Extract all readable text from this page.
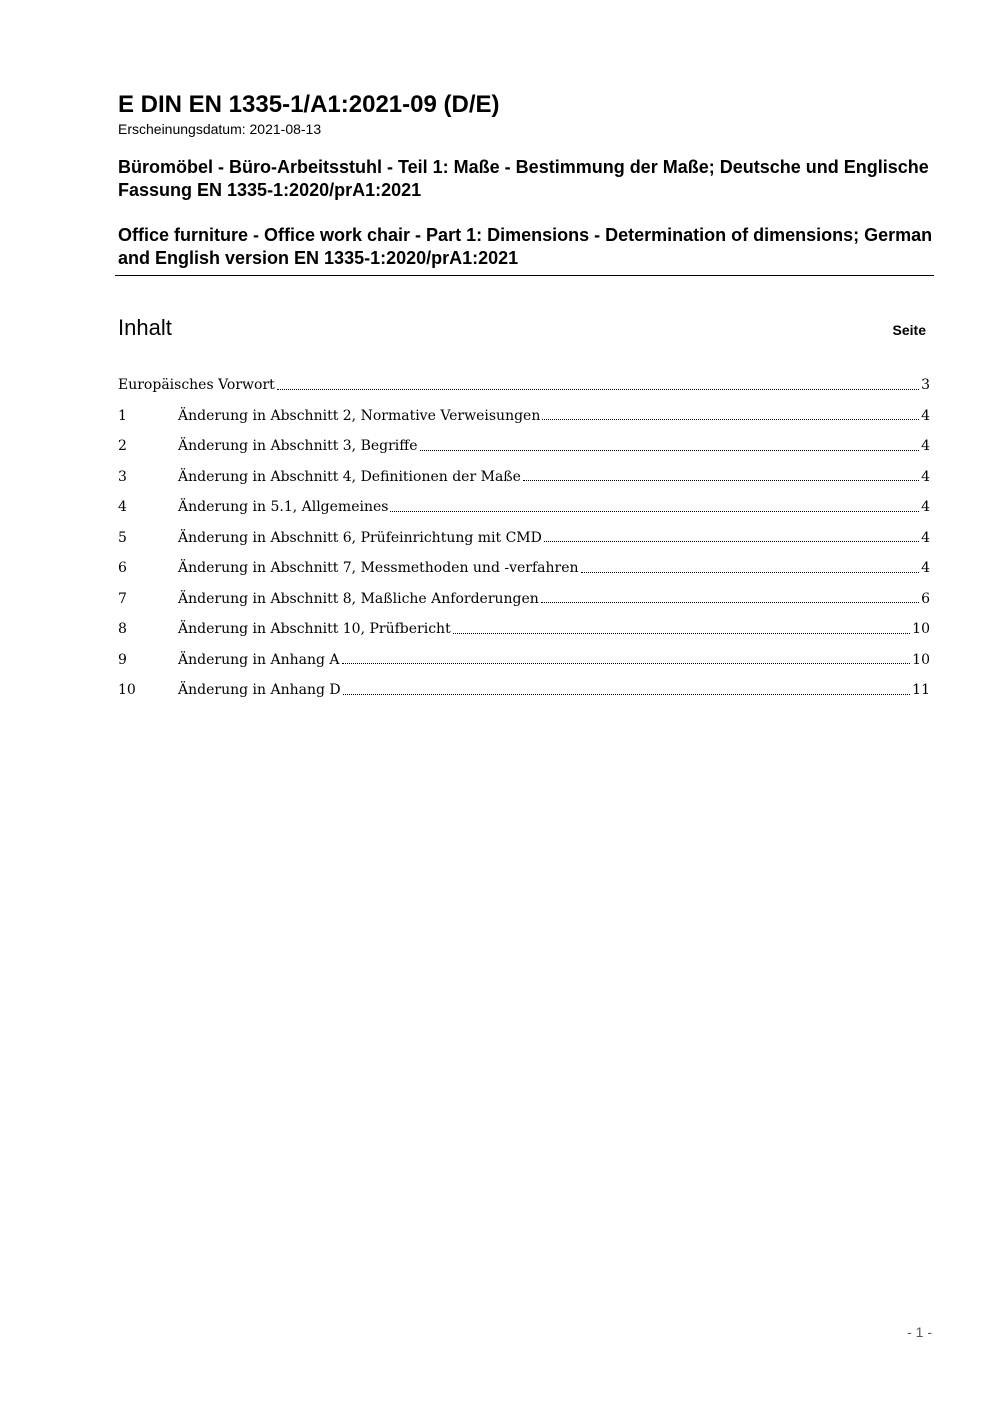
E DIN EN 1335-1/A1:2021-09 (D/E)

Erscheinungsdatum: 2021-08-13

Büromöbel - Büro-Arbeitsstuhl - Teil 1: Maße - Bestimmung der Maße; Deutsche und Englische Fassung EN 1335-1:2020/prA1:2021

Office furniture - Office work chair - Part 1: Dimensions - Determination of dimensions; German and English version EN 1335-1:2020/prA1:2021

Inhalt	Seite
Europäisches Vorwort	3
1	Änderung in Abschnitt 2, Normative Verweisungen	4
2	Änderung in Abschnitt 3, Begriffe	4
3	Änderung in Abschnitt 4, Definitionen der Maße	4
4	Änderung in 5.1, Allgemeines	4
5	Änderung in Abschnitt 6, Prüfeinrichtung mit CMD	4
6	Änderung in Abschnitt 7, Messmethoden und -verfahren	4
7	Änderung in Abschnitt 8, Maßliche Anforderungen	6
8	Änderung in Abschnitt 10, Prüfbericht	10
9	Änderung in Anhang A	10
10	Änderung in Anhang D	11
- 1 -
